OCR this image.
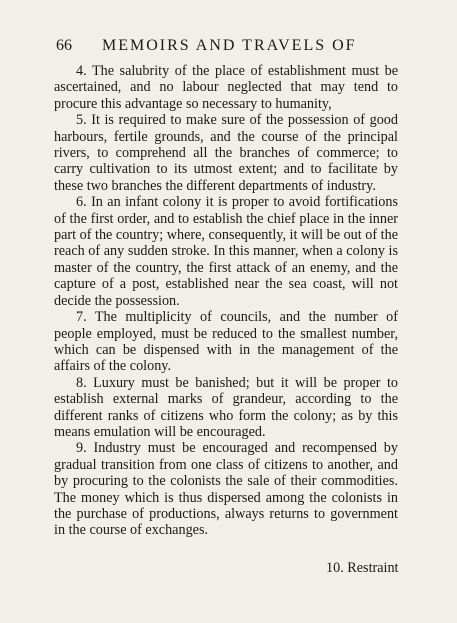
66 MEMOIRS AND TRAVELS OF

4. The salubrity of the place of establishment must be ascertained, and no labour neglected that may tend to procure this advantage so necessary to humanity,

5. It is required to make sure of the possession of good harbours, fertile grounds, and the course of the principal rivers, to comprehend all the branches of commerce; to carry cultivation to its utmost extent; and to facilitate by these two branches the different departments of industry.

6. In an infant colony it is proper to avoid fortifications of the first order, and to establish the chief place in the inner part of the country; where, consequently, it will be out of the reach of any sudden stroke. In this manner, when a colony is master of the country, the first attack of an enemy, and the capture of a post, established near the sea coast, will not decide the possession.

7. The multiplicity of councils, and the number of people employed, must be reduced to the smallest number, which can be dispensed with in the management of the affairs of the colony.

8. Luxury must be banished; but it will be proper to establish external marks of grandeur, according to the different ranks of citizens who form the colony; as by this means emulation will be encouraged.

9. Industry must be encouraged and recompensed by gradual transition from one class of citizens to another, and by procuring to the colonists the sale of their commodities. The money which is thus dispersed among the colonists in the purchase of productions, always returns to government in the course of exchanges.

10. Restraint
